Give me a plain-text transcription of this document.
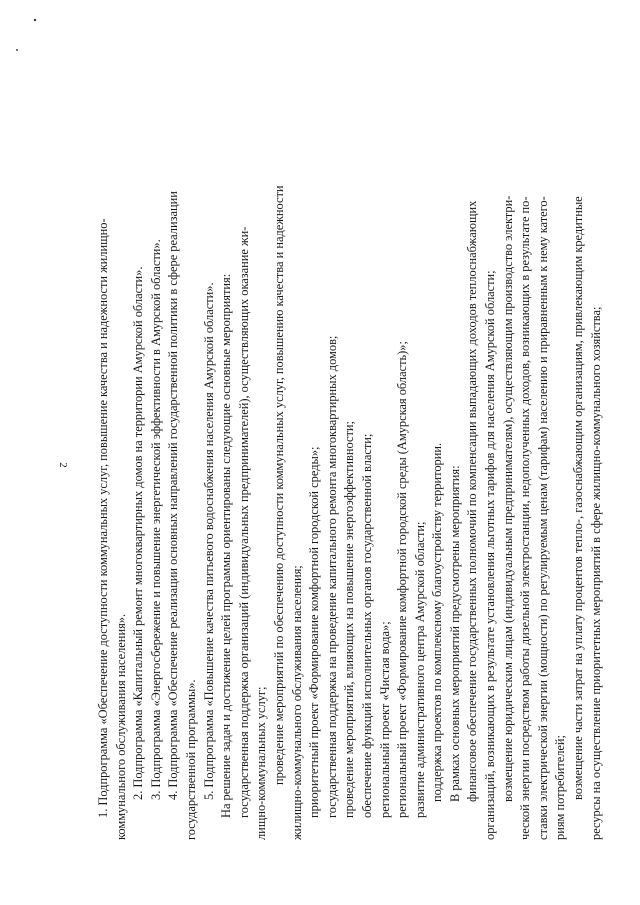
2 1. Подпрограмма «Обеспечение доступности коммунальных услуг, повышение качества и надежности жилищно- коммунального обслуживания населения». 2. Подпрограмма «Капитальный ремонт многоквартирных домов на территории Амурской области». 3. Подпрограмма «Энергосбережение и повышение энергетической эффективности в Амурской области». 4. Подпрограмма «Обеспечение реализации основных направлений государственной политики в сфере реализации государственной программы». 5. Подпрограмма «Повышение качества питьевого водоснабжения населения Амурской области». На решение задач и достижение целей программы ориентированы следующие основные мероприятия: государственная поддержка организаций (индивидуальных предпринимателей), осуществляющих оказание жи- лищно-коммунальных услуг; проведение мероприятий по обеспечению доступности коммунальных услуг, повышению качества и надежности жилищно-коммунального обслуживания населения; приоритетный проект «Формирование комфортной городской среды»; государственная поддержка на проведение капитального ремонта многоквартирных домов; проведение мероприятий, влияющих на повышение энергоэффективности; обеспечение функций исполнительных органов государственной власти; региональный проект «Чистая вода»; региональный проект «Формирование комфортной городской среды (Амурская область)»; развитие административного центра Амурской области; поддержка проектов по комплексному благоустройству территории. В рамках основных мероприятий предусмотрены мероприятия: финансовое обеспечение государственных полномочий по компенсации выпадающих доходов теплоснабжающих организаций, возникающих в результате установления льготных тарифов для населения Амурской области; возмещение юридическим лицам (индивидуальным предпринимателям), осуществляющим производство электри- ческой энергии посредством работы дизельной электростанции, недополученных доходов, возникающих в результате по- ставки электрической энергии (мощности) по регулируемым ценам (тарифам) населению и приравненным к нему катего- риям потребителей; возмещение части затрат на уплату процентов тепло-, газоснабжающим организациям, привлекающим кредитные ресурсы на осуществление приоритетных мероприятий в сфере жилищно-коммунального хозяйства;
